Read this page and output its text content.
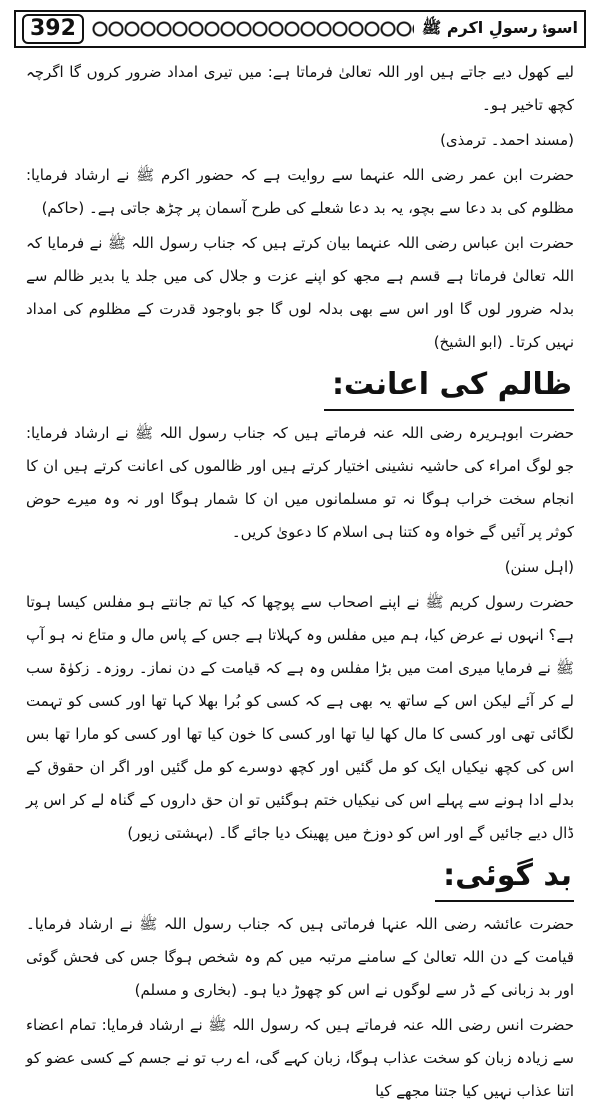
392	اسوۂ رسولِ اکرم ﷺ

لیے کھول دیے جاتے ہیں اور اللہ تعالیٰ فرماتا ہے: میں تیری امداد ضرور کروں گا اگرچہ کچھ تاخیر ہو۔

(مسند احمد۔ ترمذی)

حضرت ابن عمر رضی اللہ عنہما سے روایت ہے کہ حضور اکرم ﷺ نے ارشاد فرمایا: مظلوم کی بد دعا سے بچو، یہ بد دعا شعلے کی طرح آسمان پر چڑھ جاتی ہے۔ (حاکم)

حضرت ابن عباس رضی اللہ عنہما بیان کرتے ہیں کہ جناب رسول اللہ ﷺ نے فرمایا کہ اللہ تعالیٰ فرماتا ہے قسم ہے مجھ کو اپنے عزت و جلال کی میں جلد یا بدیر ظالم سے بدلہ ضرور لوں گا اور اس سے بھی بدلہ لوں گا جو باوجود قدرت کے مظلوم کی امداد نہیں کرتا۔ (ابو الشیخ)

ظالم کی اعانت:

حضرت ابوہریرہ رضی اللہ عنہ فرماتے ہیں کہ جناب رسول اللہ ﷺ نے ارشاد فرمایا: جو لوگ امراء کی حاشیہ نشینی اختیار کرتے ہیں اور ظالموں کی اعانت کرتے ہیں ان کا انجام سخت خراب ہوگا نہ تو مسلمانوں میں ان کا شمار ہوگا اور نہ وہ میرے حوض کوثر پر آئیں گے خواہ وہ کتنا ہی اسلام کا دعویٰ کریں۔

(اہل سنن)

حضرت رسول کریم ﷺ نے اپنے اصحاب سے پوچھا کہ کیا تم جانتے ہو مفلس کیسا ہوتا ہے؟ انہوں نے عرض کیا، ہم میں مفلس وہ کہلاتا ہے جس کے پاس مال و متاع نہ ہو آپ ﷺ نے فرمایا میری امت میں بڑا مفلس وہ ہے کہ قیامت کے دن نماز۔ روزہ۔ زکوٰۃ سب لے کر آئے لیکن اس کے ساتھ یہ بھی ہے کہ کسی کو بُرا بھلا کہا تھا اور کسی کو تہمت لگائی تھی اور کسی کا مال کھا لیا تھا اور کسی کا خون کیا تھا اور کسی کو مارا تھا بس اس کی کچھ نیکیاں ایک کو مل گئیں اور کچھ دوسرے کو مل گئیں اور اگر ان حقوق کے بدلے ادا ہونے سے پہلے اس کی نیکیاں ختم ہوگئیں تو ان حق داروں کے گناہ لے کر اس پر ڈال دیے جائیں گے اور اس کو دوزخ میں پھینک دیا جائے گا۔ (بہشتی زیور)

بد گوئی:

حضرت عائشہ رضی اللہ عنہا فرماتی ہیں کہ جناب رسول اللہ ﷺ نے ارشاد فرمایا۔ قیامت کے دن اللہ تعالیٰ کے سامنے مرتبہ میں کم وہ شخص ہوگا جس کی فحش گوئی اور بد زبانی کے ڈر سے لوگوں نے اس کو چھوڑ دیا ہو۔ (بخاری و مسلم)

حضرت انس رضی اللہ عنہ فرماتے ہیں کہ رسول اللہ ﷺ نے ارشاد فرمایا: تمام اعضاء سے زیادہ زبان کو سخت عذاب ہوگا، زبان کہے گی، اے رب تو نے جسم کے کسی عضو کو اتنا عذاب نہیں کیا جتنا مجھے کیا
